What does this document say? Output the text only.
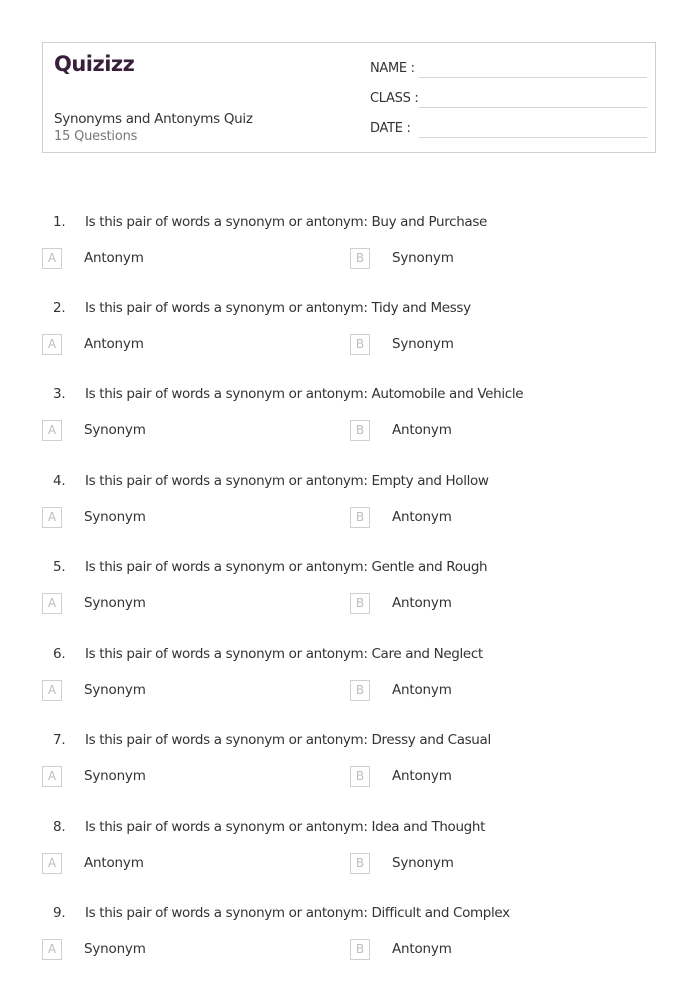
Quizizz
Synonyms and Antonyms Quiz
15 Questions
NAME :
CLASS :
DATE :
1. Is this pair of words a synonym or antonym: Buy and Purchase
A	Antonym	B	Synonym
2. Is this pair of words a synonym or antonym: Tidy and Messy
A	Antonym	B	Synonym
3. Is this pair of words a synonym or antonym: Automobile and Vehicle
A	Synonym	B	Antonym
4. Is this pair of words a synonym or antonym: Empty and Hollow
A	Synonym	B	Antonym
5. Is this pair of words a synonym or antonym: Gentle and Rough
A	Synonym	B	Antonym
6. Is this pair of words a synonym or antonym: Care and Neglect
A	Synonym	B	Antonym
7. Is this pair of words a synonym or antonym: Dressy and Casual
A	Synonym	B	Antonym
8. Is this pair of words a synonym or antonym: Idea and Thought
A	Antonym	B	Synonym
9. Is this pair of words a synonym or antonym: Difficult and Complex
A	Synonym	B	Antonym
